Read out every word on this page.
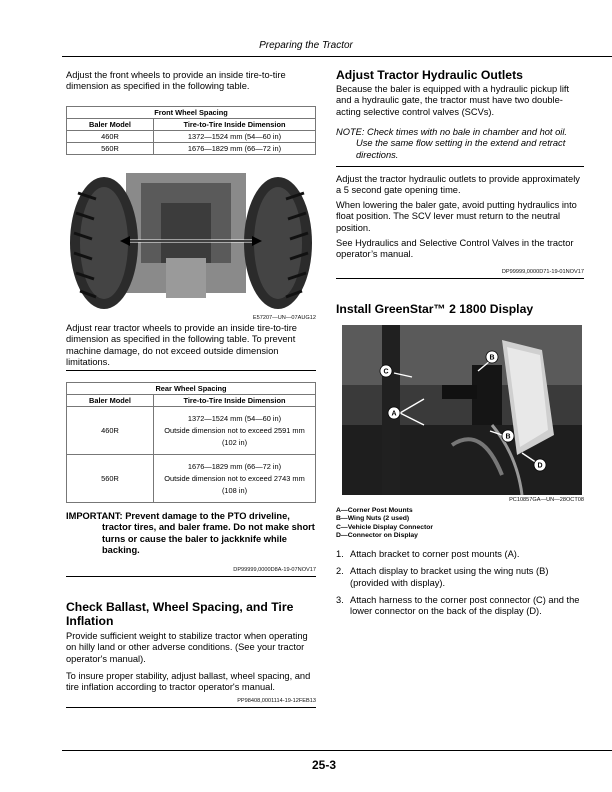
Preparing the Tractor

Adjust the front wheels to provide an inside tire-to-tire dimension as specified in the following table.

Front Wheel Spacing	
Baler Model	Tire-to-Tire Inside Dimension
460R	1372—1524 mm (54—60 in)
560R	1676—1829 mm (66—72 in)
E57207—UN—07AUG12

Adjust rear tractor wheels to provide an inside tire-to-tire dimension as specified in the following table. To prevent machine damage, do not exceed outside dimension limitations.

Rear Wheel Spacing	
Baler Model	Tire-to-Tire Inside Dimension
460R	1372—1524 mm (54—60 in)
Outside dimension not to exceed 2591 mm
(102 in)

560R	1676—1829 mm (66—72 in)
Outside dimension not to exceed 2743 mm
(108 in)
IMPORTANT: Prevent damage to the PTO driveline,
tractor tires, and baler frame. Do not make short turns or cause the baler to jackknife while backing.
DP99999,0000D8A-19-07NOV17
Check Ballast, Wheel Spacing, and Tire Inflation

Provide sufficient weight to stabilize tractor when operating on hilly land or other adverse conditions. (See your tractor operator's manual).

To insure proper stability, adjust ballast, wheel spacing, and tire inflation according to tractor operator's manual.

PP98408,0001114-19-12FEB13
Adjust Tractor Hydraulic Outlets

Because the baler is equipped with a hydraulic pickup lift and a hydraulic gate, the tractor must have two double-acting selective control valves (SCVs).

NOTE: Check times with no bale in chamber and hot oil.
Use the same flow setting in the extend and retract directions.

Adjust the tractor hydraulic outlets to provide approximately a 5 second gate opening time.

When lowering the baler gate, avoid putting hydraulics into float position. The SCV lever must return to the neutral position.

See Hydraulics and Selective Control Valves in the tractor operator’s manual.

DP99999,0000D71-19-01NOV17
Install GreenStar™ 2 1800 Display
A
B
B
C
D
PC10857GA—UN—28OCT08
A—Corner Post Mounts
B—Wing Nuts (2 used)
C—Vehicle Display Connector
D—Connector on Display
1. Attach bracket to corner post mounts (A).
2. Attach display to bracket using the wing nuts (B) (provided with display).
3. Attach harness to the corner post connector (C) and the lower connector on the back of the display (D).
25-3
